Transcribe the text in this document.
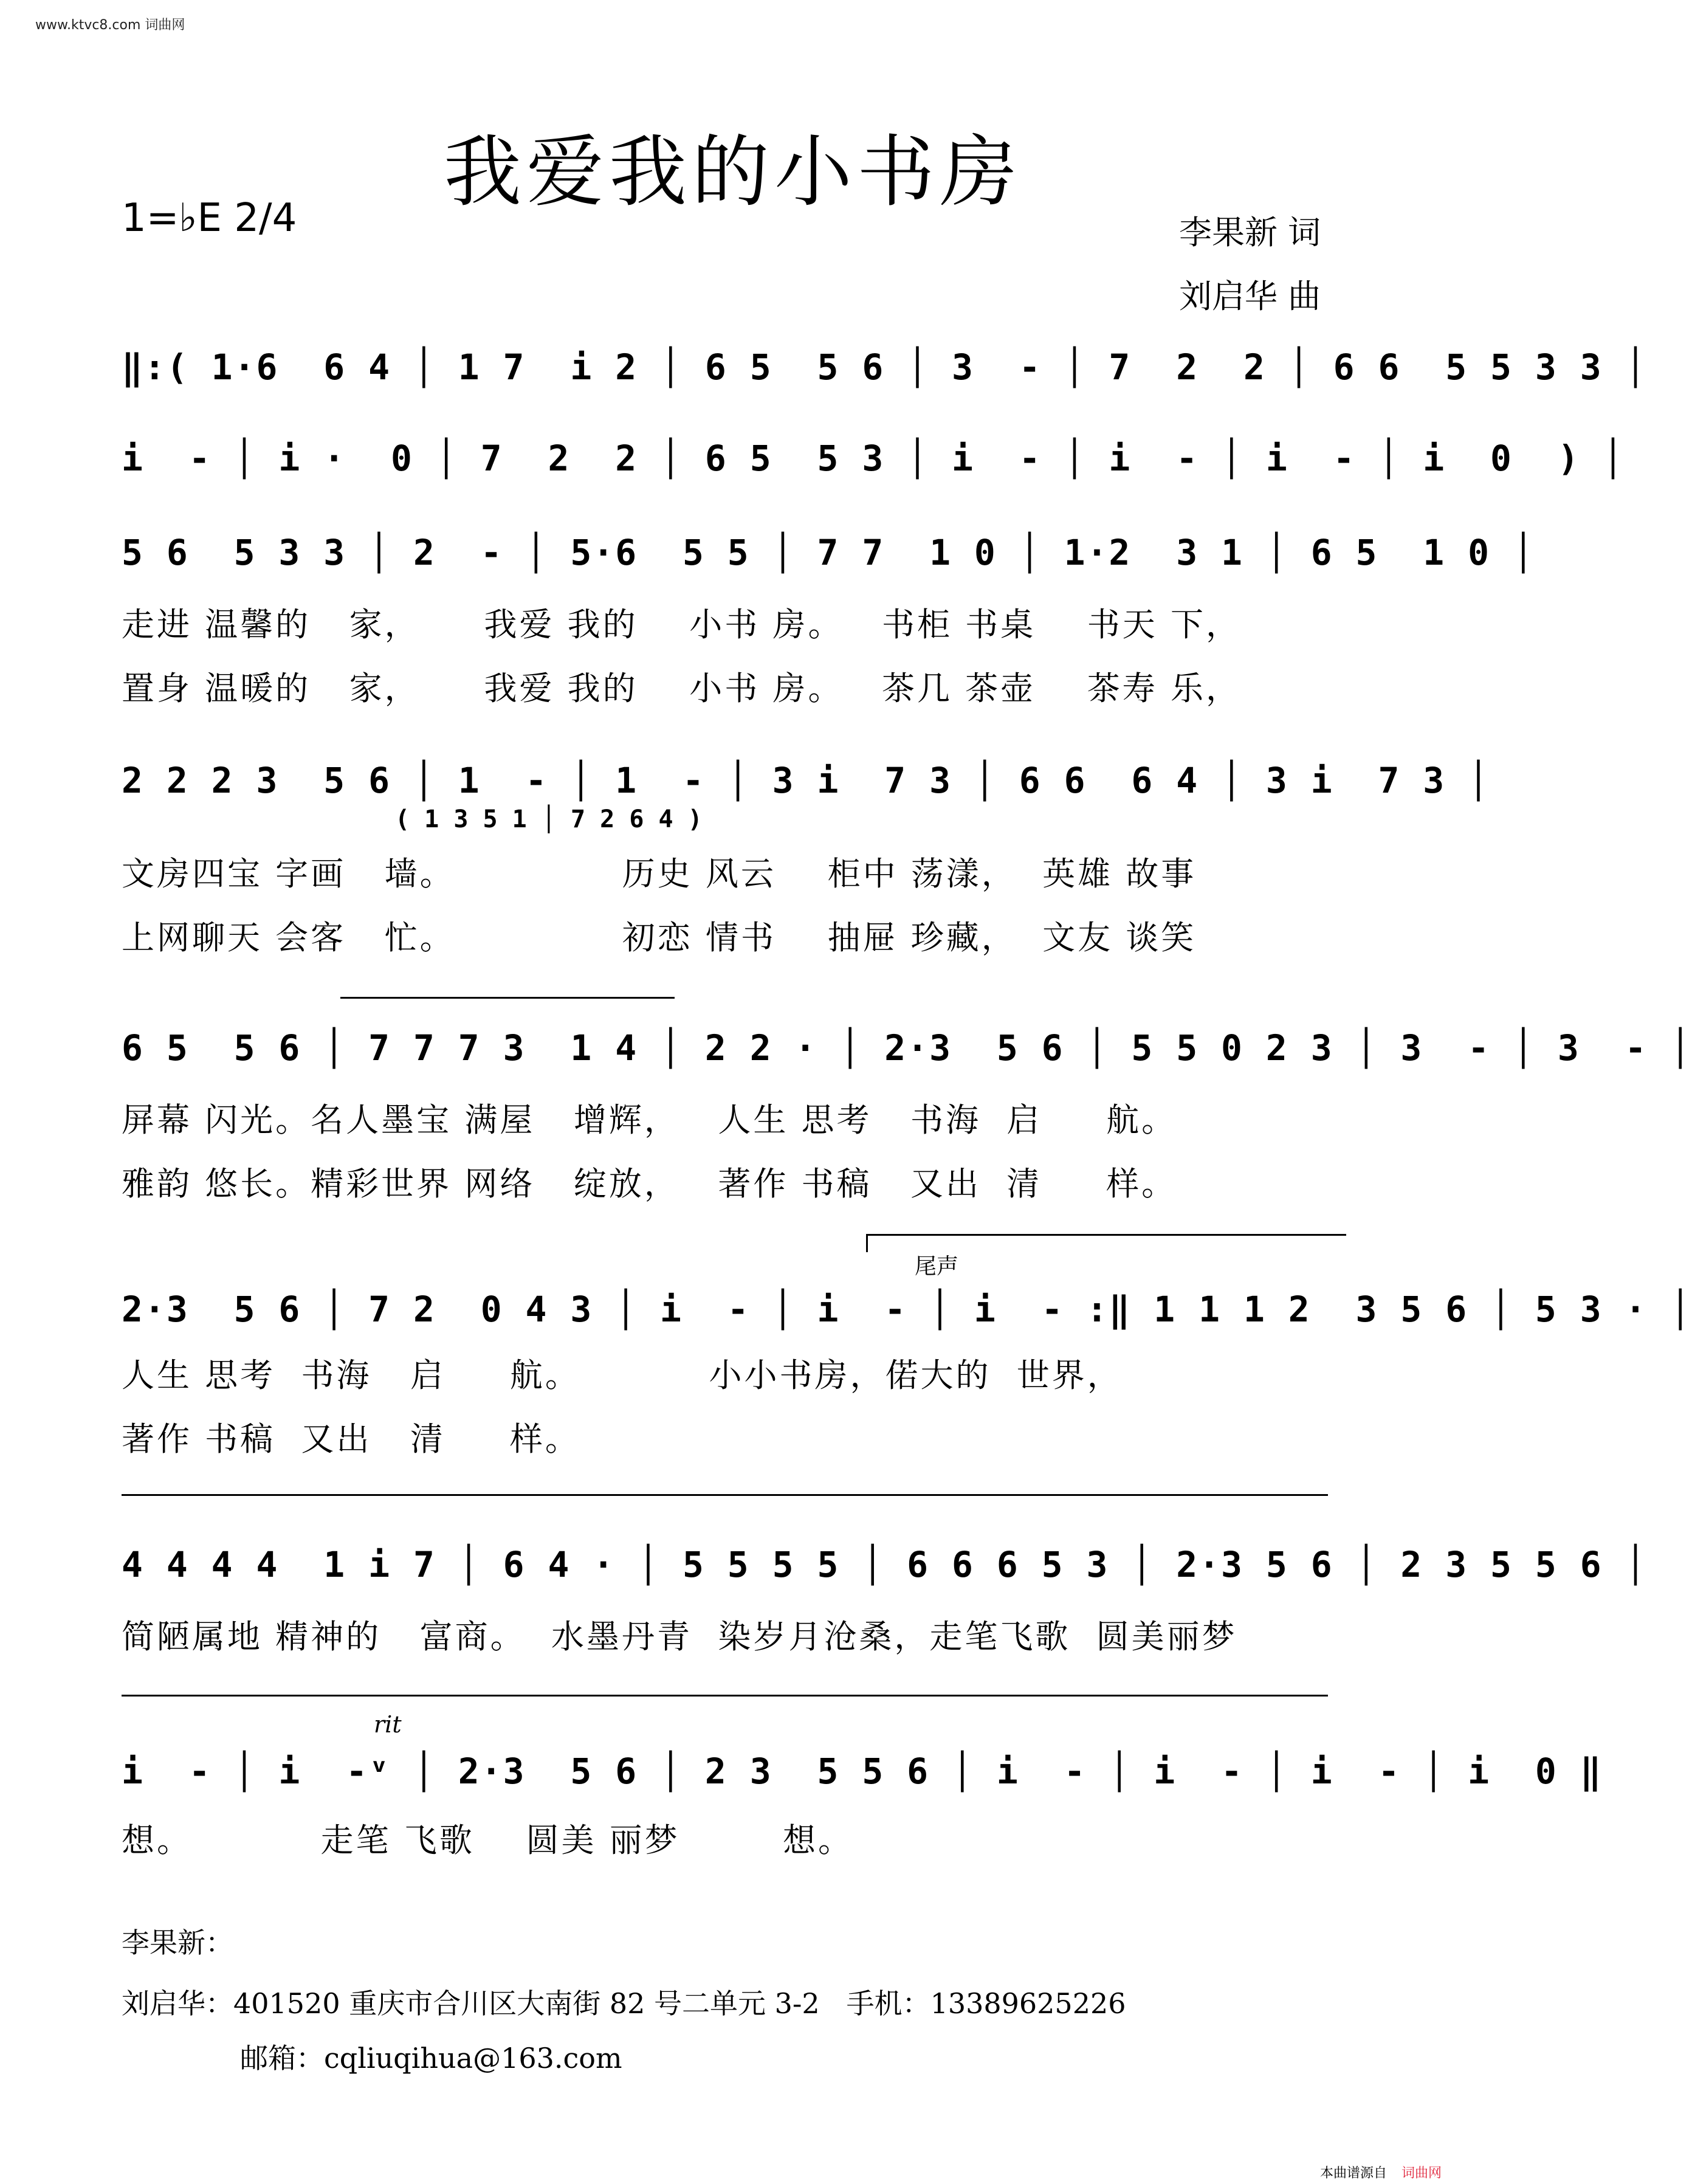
www.ktvc8.com 词曲网
我爱我的小书房
1=♭E 2/4	李果新 词
刘启华 曲
‖:( 1·6  6 4 │ 1 7  i 2 │ 6 5  5 6 │ 3  - │ 7  2  2 │ 6 6  5 5 3 3 │
i  - │ i ·  0 │ 7  2  2 │ 6 5  5 3 │ i  - │ i  - │ i  - │ i  0  ) │
5 6  5 3 3 │ 2  - │ 5·6  5 5 │ 7 7  1 0 │ 1·2  3 1 │ 6 5  1 0 │
走进 温馨的   家，     我爱 我的    小书 房。   书柜 书桌    书天 下，
置身 温暖的   家，     我爱 我的    小书 房。   茶几 茶壶    茶寿 乐，
2 2 2 3  5 6 │ 1  - │ 1  - │ 3 i  7 3 │ 6 6  6 4 │ 3 i  7 3 │
( 1 3 5 1 │ 7 2 6 4 )
文房四宝 字画   墙。             历史 风云    柜中 荡漾，  英雄 故事
上网聊天 会客   忙。             初恋 情书    抽屉 珍藏，  文友 谈笑
6 5  5 6 │ 7 7 7 3  1 4 │ 2 2 · │ 2·3  5 6 │ 5 5 0 2 3 │ 3  - │ 3  - │
屏幕 闪光。名人墨宝 满屋   增辉，   人生 思考   书海  启     航。
雅韵 悠长。精彩世界 网络   绽放，   著作 书稿   又出  清     样。
尾声
2·3  5 6 │ 7 2  0 4 3 │ i  - │ i  - │ i  - :‖ 1 1 1 2  3 5 6 │ 5 3 · │
人生 思考  书海   启     航。          小小书房，偌大的  世界，
著作 书稿  又出   清     样。
4 4 4 4  1 i 7 │ 6 4 · │ 5 5 5 5 │ 6 6 6 5 3 │ 2·3 5 6 │ 2 3 5 5 6 │
简陋属地 精神的   富商。  水墨丹青  染岁月沧桑，走笔飞歌  圆美丽梦
rit
i  - │ i  -ᵛ │ 2·3  5 6 │ 2 3  5 5 6 │ i  - │ i  - │ i  - │ i  0 ‖
想。          走笔 飞歌    圆美 丽梦        想。
李果新：
刘启华：401520 重庆市合川区大南街 82 号二单元 3-2   手机：13389625226
邮箱：cqliuqihua@163.com
本曲谱源自 词曲网
